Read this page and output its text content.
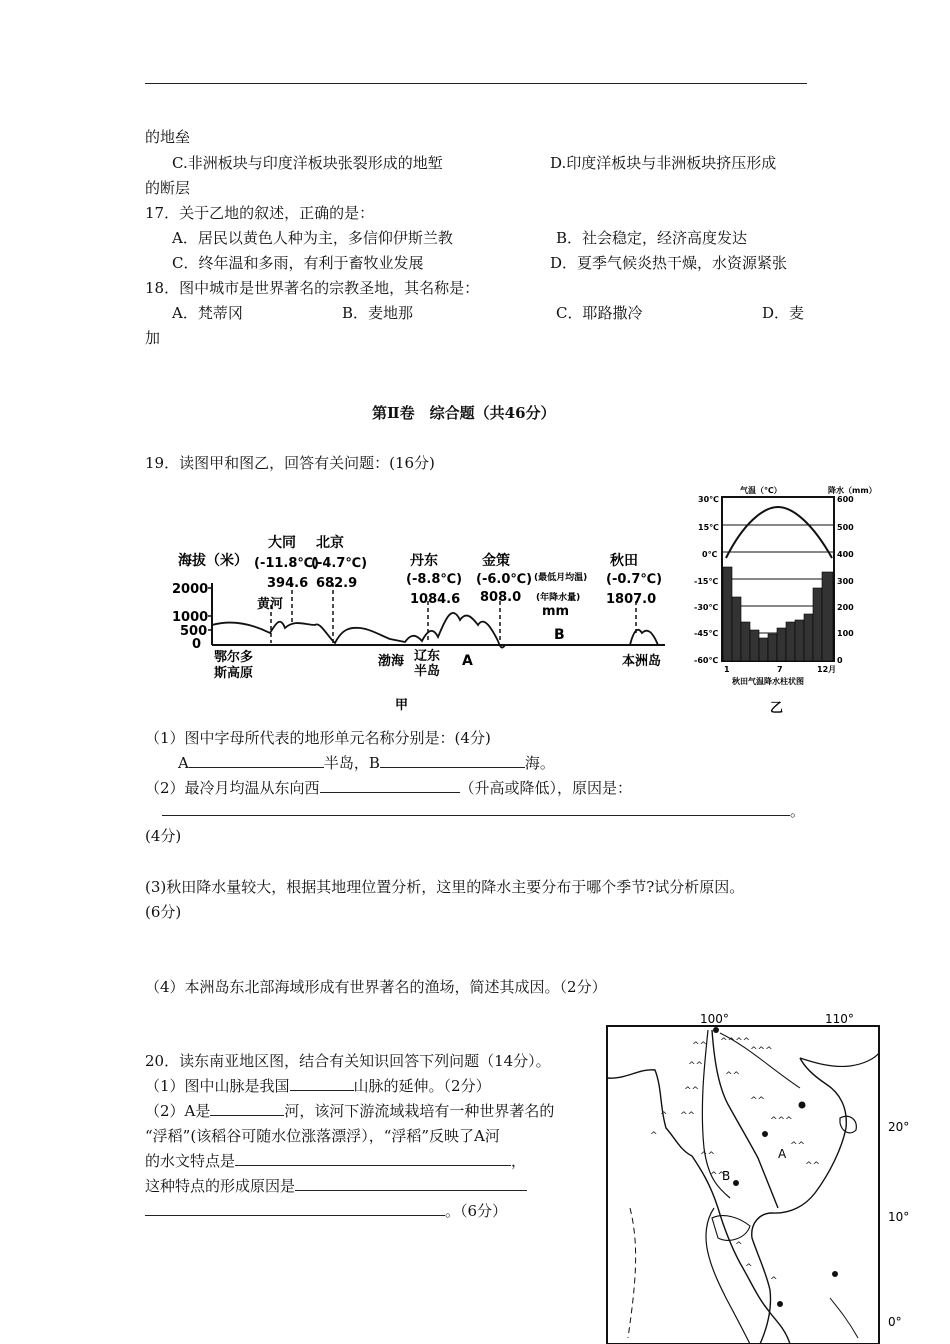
的地垒
C.非洲板块与印度洋板块张裂形成的地堑	D.印度洋板块与非洲板块挤压形成
的断层
17．关于乙地的叙述，正确的是：
A．居民以黄色人种为主，多信仰伊斯兰教	B．社会稳定，经济高度发达
C．终年温和多雨，有利于畜牧业发展	D．夏季气候炎热干燥，水资源紧张
18．图中城市是世界著名的宗教圣地，其名称是：
A．梵蒂冈	B．麦地那	C．耶路撒冷	D．麦
加
第Ⅱ卷　综合题（共46分）
19．读图甲和图乙，回答有关问题：(16分)
海拔（米）
2000
1000
500
0
大同
(-11.8℃)
394.6
北京
(-4.7℃)
682.9
丹东
(-8.8℃)
1084.6
金策
(-6.0℃)
808.0
(最低月均温)
(年降水量)
mm
秋田
(-0.7℃)
1807.0
黄河
鄂尔多
斯高原
渤海 辽东
半岛
A
B
本洲岛
甲
气温（℃）	降水（mm）
30℃
15℃
0℃
-15℃
-30℃
-45℃
-60℃
600
500
400
300
200
100
0
1	7	12月
秋田气温降水柱状图
乙
（1）图中字母所代表的地形单元名称分别是：(4分)
A	半岛，B	海。
（2）最冷月均温从东向西	（升高或降低），原因是：
。
(4分)
(3)秋田降水量较大，根据其地理位置分析，这里的降水主要分布于哪个季节?试分析原因。
(6分)
（4）本洲岛东北部海域形成有世界著名的渔场，简述其成因。（2分）
20．读东南亚地区图，结合有关知识回答下列问题（14分）。
（1）图中山脉是我国	山脉的延伸。（2分）
（2）A是	河，该河下游流域栽培有一种世界著名的
“浮稻”(该稻谷可随水位涨落漂浮），“浮稻”反映了A河
的水文特点是	，
这种特点的形成原因是
。（6分）
100°	110°
20°
10°
0°
^^ ^^^^
^^^
^^
^^
^^
^^
^^
^^^
^^
^^
^^
^^
^
^
^
^
^
A
B
